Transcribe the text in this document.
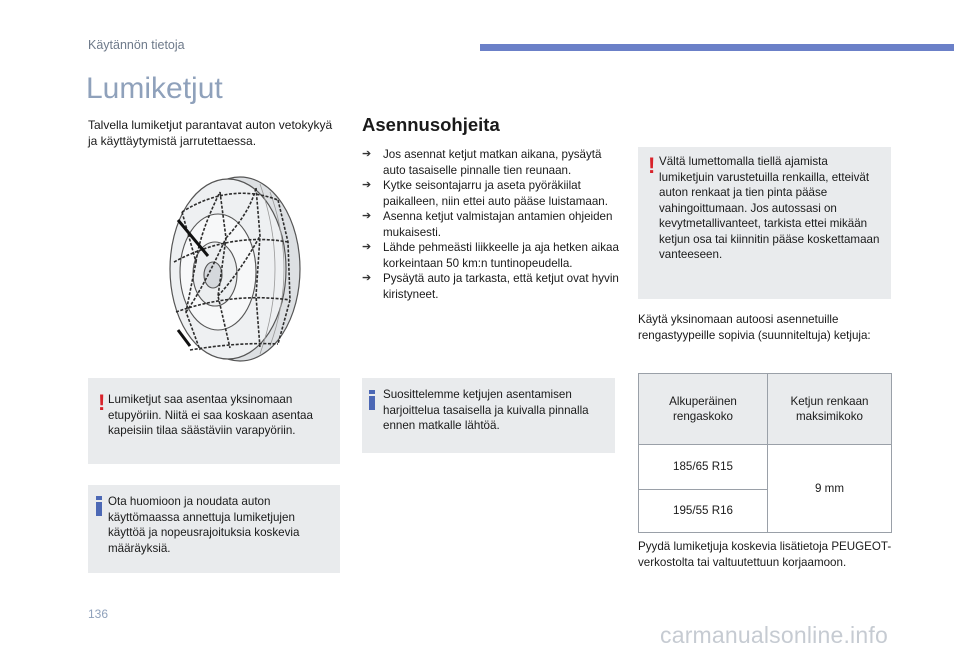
Käytännön tietoja
Lumiketjut

Talvella lumiketjut parantavat auton vetokykyä ja käyttäytymistä jarrutettaessa.

! Lumiketjut saa asentaa yksinomaan etupyöriin. Niitä ei saa koskaan asentaa kapeisiin tilaa säästäviin varapyöriin.

Ota huomioon ja noudata auton käyttömaassa annettuja lumiketjujen käyttöä ja nopeusrajoituksia koskevia määräyksiä.

Asennusohjeita
➔ Jos asennat ketjut matkan aikana, pysäytä auto tasaiselle pinnalle tien reunaan.
➔ Kytke seisontajarru ja aseta pyöräkiilat paikalleen, niin ettei auto pääse luistamaan.
➔ Asenna ketjut valmistajan antamien ohjeiden mukaisesti.
➔ Lähde pehmeästi liikkeelle ja aja hetken aikaa korkeintaan 50 km:n tuntinopeudella.
➔ Pysäytä auto ja tarkasta, että ketjut ovat hyvin kiristyneet.

Suosittelemme ketjujen asentamisen harjoittelua tasaisella ja kuivalla pinnalla ennen matkalle lähtöä.

! Vältä lumettomalla tiellä ajamista lumiketjuin varustetuilla renkailla, etteivät auton renkaat ja tien pinta pääse vahingoittumaan. Jos autossasi on kevytmetallivanteet, tarkista ettei mikään ketjun osa tai kiinnitin pääse koskettamaan vanteeseen.

Käytä yksinomaan autoosi asennetuille rengastyypeille sopivia (suunniteltuja) ketjuja:

Alkuperäinen rengaskoko
Ketjun renkaan maksimikoko
185/65 R15
195/55 R16
9 mm

Pyydä lumiketjuja koskevia lisätietoja PEUGEOT-verkostolta tai valtuutettuun korjaamoon.

136
carmanualsonline.info
